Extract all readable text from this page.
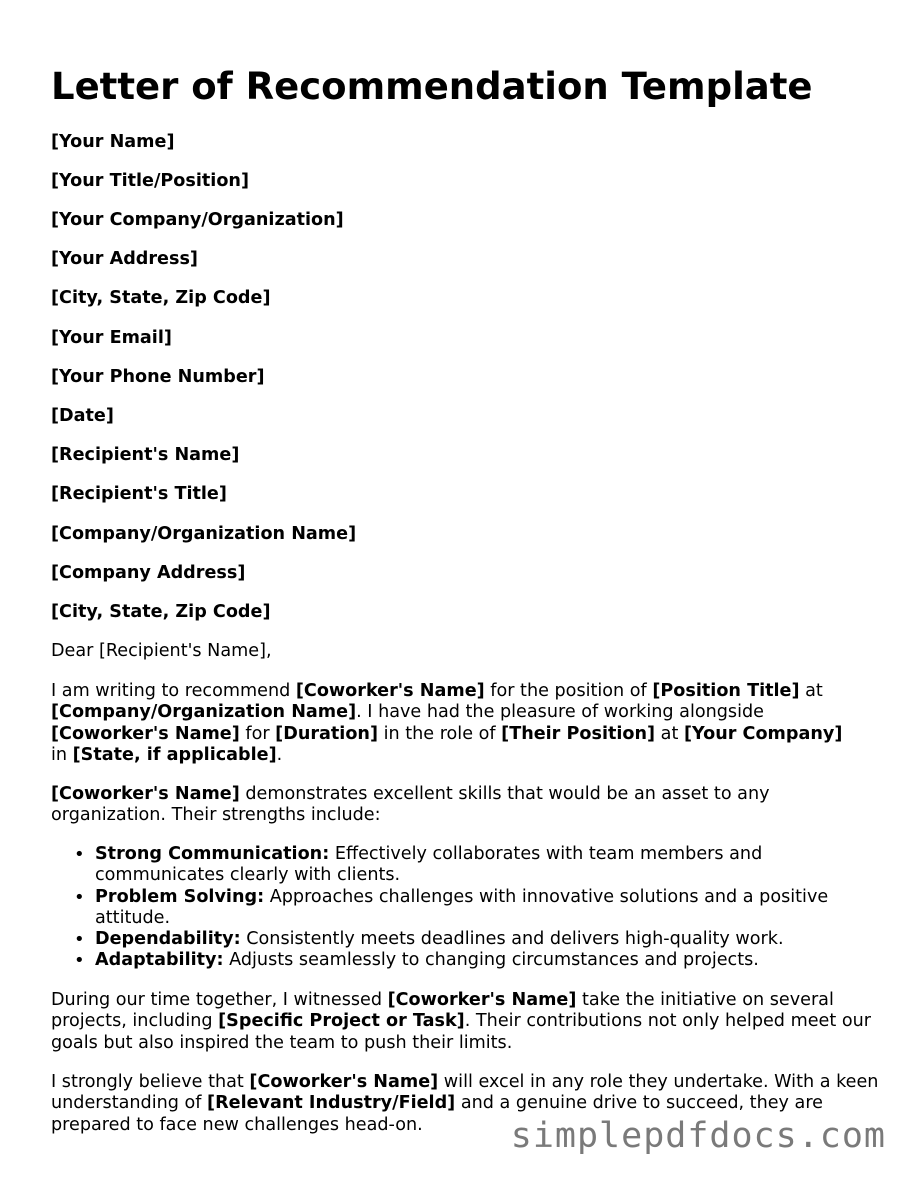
Letter of Recommendation Template
[Your Name]
[Your Title/Position]
[Your Company/Organization]
[Your Address]
[City, State, Zip Code]
[Your Email]
[Your Phone Number]
[Date]
[Recipient's Name]
[Recipient's Title]
[Company/Organization Name]
[Company Address]
[City, State, Zip Code]
Dear [Recipient's Name],
I am writing to recommend [Coworker's Name] for the position of [Position Title] at
[Company/Organization Name]. I have had the pleasure of working alongside
[Coworker's Name] for [Duration] in the role of [Their Position] at [Your Company]
in [State, if applicable].
[Coworker's Name] demonstrates excellent skills that would be an asset to any organization. Their strengths include:
• Strong Communication: Effectively collaborates with team members and communicates clearly with clients.
• Problem Solving: Approaches challenges with innovative solutions and a positive attitude.
• Dependability: Consistently meets deadlines and delivers high-quality work.
• Adaptability: Adjusts seamlessly to changing circumstances and projects.
During our time together, I witnessed [Coworker's Name] take the initiative on several projects, including [Specific Project or Task]. Their contributions not only helped meet our goals but also inspired the team to push their limits.
I strongly believe that [Coworker's Name] will excel in any role they undertake. With a keen understanding of [Relevant Industry/Field] and a genuine drive to succeed, they are prepared to face new challenges head-on.	simplepdfdocs.com
